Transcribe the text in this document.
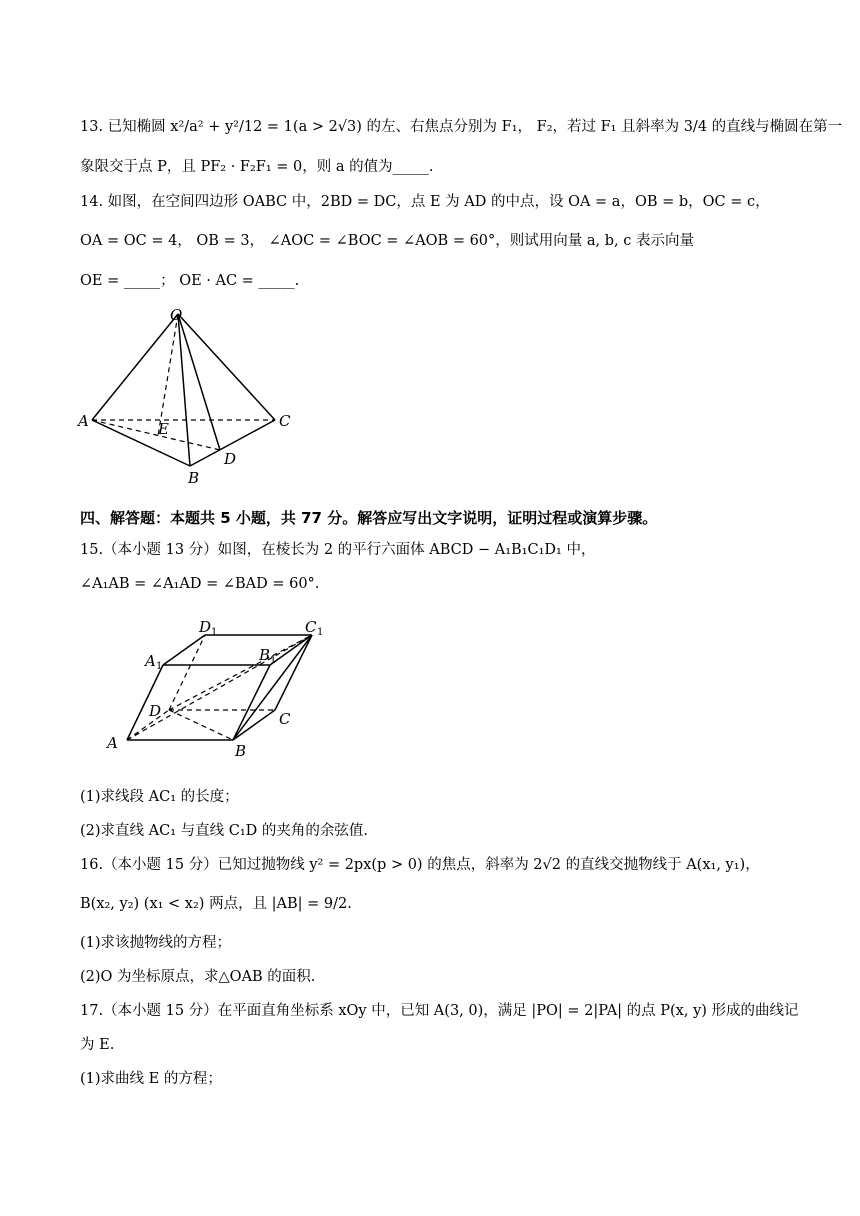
13. 已知椭圆 x²/a² + y²/12 = 1(a > 2√3) 的左、右焦点分别为 F₁， F₂，若过 F₁ 且斜率为 3/4 的直线与椭圆在第一
象限交于点 P，且 PF₂ · F₂F₁ = 0，则 a 的值为_____.
14. 如图，在空间四边形 OABC 中，2BD = DC，点 E 为 AD 的中点，设 OA = a，OB = b，OC = c，
OA = OC = 4， OB = 3， ∠AOC = ∠BOC = ∠AOB = 60°，则试用向量 a, b, c 表示向量
OE = _____； OE · AC = _____.
O
A	E	C
D
B
四、解答题：本题共 5 小题，共 77 分。解答应写出文字说明，证明过程或演算步骤。
15.（本小题 13 分）如图，在棱长为 2 的平行六面体 ABCD − A₁B₁C₁D₁ 中，
∠A₁AB = ∠A₁AD = ∠BAD = 60°.
D 1	C 1
A 1
B 1
D	C
A	B
(1)求线段 AC₁ 的长度；
(2)求直线 AC₁ 与直线 C₁D 的夹角的余弦值.
16.（本小题 15 分）已知过抛物线 y² = 2px(p > 0) 的焦点，斜率为 2√2 的直线交抛物线于 A(x₁, y₁)，
B(x₂, y₂) (x₁ < x₂) 两点，且 |AB| = 9/2.
(1)求该抛物线的方程；
(2)O 为坐标原点，求△OAB 的面积.
17.（本小题 15 分）在平面直角坐标系 xOy 中，已知 A(3, 0)，满足 |PO| = 2|PA| 的点 P(x, y) 形成的曲线记
为 E.
(1)求曲线 E 的方程；
